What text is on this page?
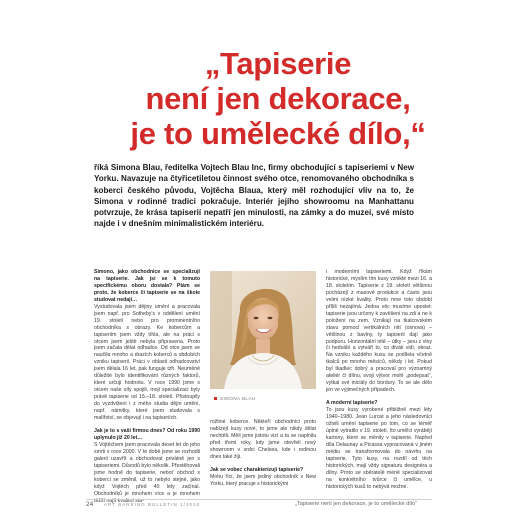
„Tapiserie
není jen dekorace,
je to umělecké dílo,“
říká Simona Blau, ředitelka Vojtech Blau Inc, firmy obchodující s tapiseriemi v New Yorku. Navazuje na čtyřicetiletou činnost svého otce, renomovaného obchodníka s koberci českého původu, Vojtěcha Blaua, který měl rozhodující vliv na to, že Simona v rodinné tradici pokračuje. Interiér jejího showroomu na Manhattanu potvrzuje, že krása tapiserií nepatří jen minulosti, na zámky a do muzeí, své místo najde i v dnešním minimalistickém interiéru.

Simono, jako obchodnice se specializují na tapiserie. Jak jsi se k tomuto specifickému oboru dostala? Ptám se proto, že koberce či tapiserie se na škole studovat nedají…

Vystudovala jsem dějiny umění a pracovala jsem např. pro Sotheby's v oddělení umění 19. století nebo pro prominentního obchodníka s obrazy. Ke kobercům a tapiseriím jsem vždy tíhla, ale na práci s otcem jsem ještě nebyla připravena. Proto jsem začala dělat odhadce. Od otce jsem se naučila mnoho a drazích koberců a obdobích vzniku tapiserií. Práci v oblasti odhadcovství jsem dělala 16 let, pak funguje tzh. Neuměně důležité bylo identifikování různých faktorů, které určují hodnotu. V roce 1990 jsme s otcem naše síly spojili, moji specializaci byly právě tapiserie od 15.–18. století. Přistoupily do vyzdvižení i z mého studia dějin umění, např. námitky, které jsem studovala s malířství, se objevují i na tapiseriích.

Jak je to s vaší firmou dnes? Od roku 1990 uplynulo již 20 let…

S Vojtěchem jsem pracovala deset let do jeho smrti v roce 2000. V té době jsme se rozhodli galerii uzavřít a obchodovat privátně jen s tapiseriemi. Důvodů bylo několik. Přestěhovali jsme hodně do tapiserie, neboť obchod s koberci se změnil, už to nebylo stejné, jako když Vojtěch před 40 lety začínal. Obchodníků je mnohem více a je mnohem těžší najít kvalitní sta-

SIMONA BLAU

rožitné koberce. Někteří obchodníci proto nabízejí kusy nové, to jsme ale nikdy dělat nechtěli. Měli jsme jistotu vizí a ta se naplnila před třemi roky, kdy jsme otevřeli nový showroom v srdci Chelsea, kde i rodinou dnes také žiji.

Jak se vobec charakterizují tapiserie?

Mohu říci, že jsem jediný obchodník v New Yorku, který pracuje s historickými

i moderními tapiseriemi. Když říkám historické, myslím tím kusy vzniklé mezi 16. a 18. stoletím. Tapiserie z 19. století většinou pocházejí z masové produkce a často jsou velmi nízké kvality. Proto mne toto období příliš nezajímá. Jedna věc musíme uposlet: tapiserie jsou určeny k zavěšení na zdi a ne k položení na zem. Vznikají na tkalcovském stavu pomocí vertikálních nití (osnova) – většinou z bavlny, ty tapiserii dají jako podporu. Horizontální nitě – útky – jsou z vlny či hedvábí a vytváří to, co divák vidí, obraz. Na vzniku každého kusu se podílela včetně tkalců po mnoho měsíců, někdy i let. Pokud byl tkadlec dobrý a pracoval pro významný ateliér či dílnu, svoji výtvor mohl „podepsat“, vytkal své iniciály do bordury. To se ale dělo jen ve výjimečných případech.

A moderní tapiserie?

To jsou kusy vyrobené přibližně mezi léty 1940–1980. Jean Lurcat a jeho následovníci oživili umění tapiserie po tom, co se téměř úplně vytratilo v 19. století. Ito umělci vyrábějí kartony, které se měnily v tapiserie. Napřed díla Delaunay a Picassa vypracovaná v jiném médiu se transformovala do návrhu na tapiserie. Tyto kusy, na rozdíl od těch historických, mají vždy signaturu designéra a dílny. Proto se sběratelé méně specializovat na konkrétního tvůrce či umělce, u historických kusů to nebývá možné.

24 ART BANKING BULLETIN 1/2010	„Tapiserie není jen dekorace, je to umělecké dílo“
